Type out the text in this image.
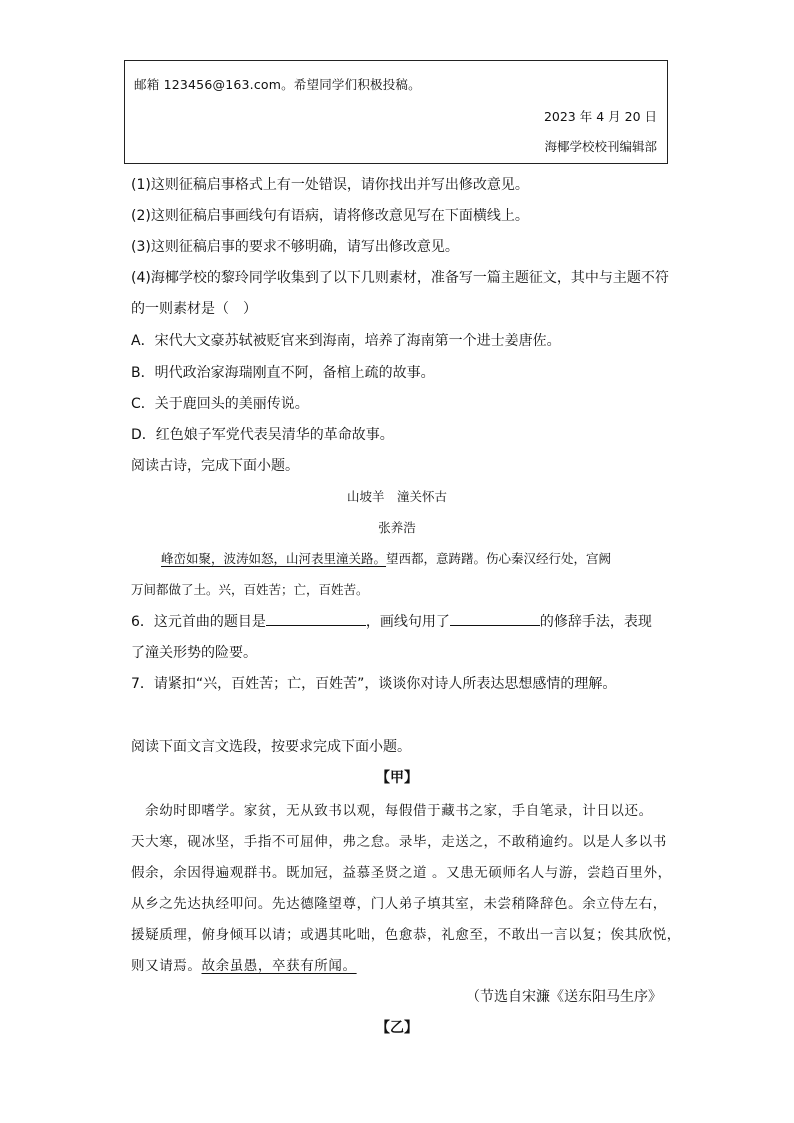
邮箱 123456@163.com。希望同学们积极投稿。
2023 年 4 月 20 日
海椰学校校刊编辑部
(1)这则征稿启事格式上有一处错误，请你找出并写出修改意见。
(2)这则征稿启事画线句有语病，请将修改意见写在下面横线上。
(3)这则征稿启事的要求不够明确，请写出修改意见。
(4)海椰学校的黎玲同学收集到了以下几则素材，准备写一篇主题征文，其中与主题不符
的一则素材是（　）
A．宋代大文豪苏轼被贬官来到海南，培养了海南第一个进士姜唐佐。
B．明代政治家海瑞刚直不阿，备棺上疏的故事。
C．关于鹿回头的美丽传说。
D．红色娘子军党代表吴清华的革命故事。
阅读古诗，完成下面小题。
山坡羊　潼关怀古
张养浩
峰峦如聚，波涛如怒，山河表里潼关路。望西都，意踌躇。伤心秦汉经行处，宫阙
万间都做了土。兴，百姓苦；亡，百姓苦。
6．这元首曲的题目是	，画线句用了	的修辞手法，表现
了潼关形势的险要。
7．请紧扣“兴，百姓苦；亡，百姓苦”，谈谈你对诗人所表达思想感情的理解。
阅读下面文言文选段，按要求完成下面小题。
【甲】
　余幼时即嗜学。家贫，无从致书以观，每假借于藏书之家，手自笔录，计日以还。
天大寒，砚冰坚，手指不可屈伸，弗之怠。录毕，走送之，不敢稍逾约。以是人多以书
假余，余因得遍观群书。既加冠，益慕圣贤之道 。又患无硕师名人与游，尝趋百里外，
从乡之先达执经叩问。先达德隆望尊，门人弟子填其室，未尝稍降辞色。余立侍左右，
援疑质理，俯身倾耳以请；或遇其叱咄，色愈恭，礼愈至，不敢出一言以复；俟其欣悦，
则又请焉。故余虽愚，卒获有所闻。
（节选自宋濂《送东阳马生序》
【乙】
